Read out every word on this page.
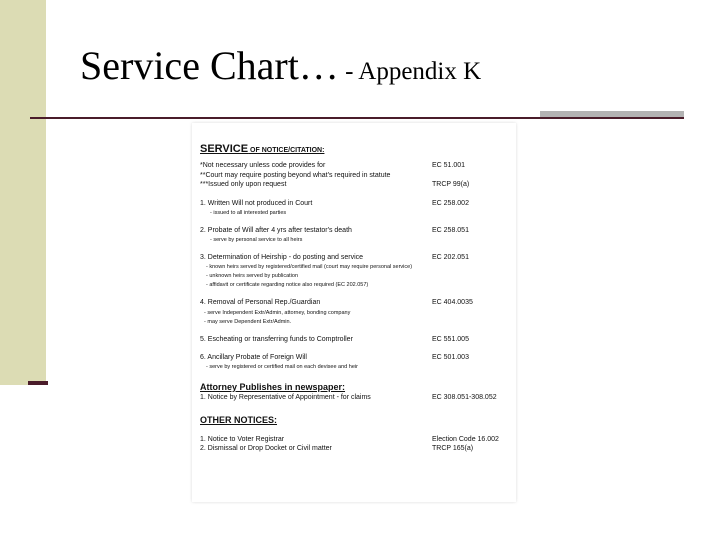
Service Chart… - Appendix K
SERVICE OF NOTICE/CITATION:
*Not necessary unless code provides for	EC 51.001
**Court may require posting beyond what's required in statute
***Issued only upon request	TRCP 99(a)
1. Written Will not produced in Court	EC 258.002
- issued to all interested parties
2. Probate of Will after 4 yrs after testator's death	EC 258.051
- serve by personal service to all heirs
3. Determination of Heirship - do posting and service	EC 202.051
- known heirs served by registered/certified mail (court may require personal service)
- unknown heirs served by publication
- affidavit or certificate regarding notice also required (EC 202.057)
4. Removal of Personal Rep./Guardian	EC 404.0035
- serve Independent Extr/Admin, attorney, bonding company
- may serve Dependent Extr/Admin.
5. Escheating or transferring funds to Comptroller	EC 551.005
6. Ancillary Probate of Foreign Will	EC 501.003
- serve by registered or certified mail on each devisee and heir
Attorney Publishes in newspaper:
1. Notice by Representative of Appointment - for claims	EC 308.051-308.052
OTHER NOTICES:
1. Notice to Voter Registrar	Election Code 16.002
2. Dismissal or Drop Docket or Civil matter	TRCP 165(a)
